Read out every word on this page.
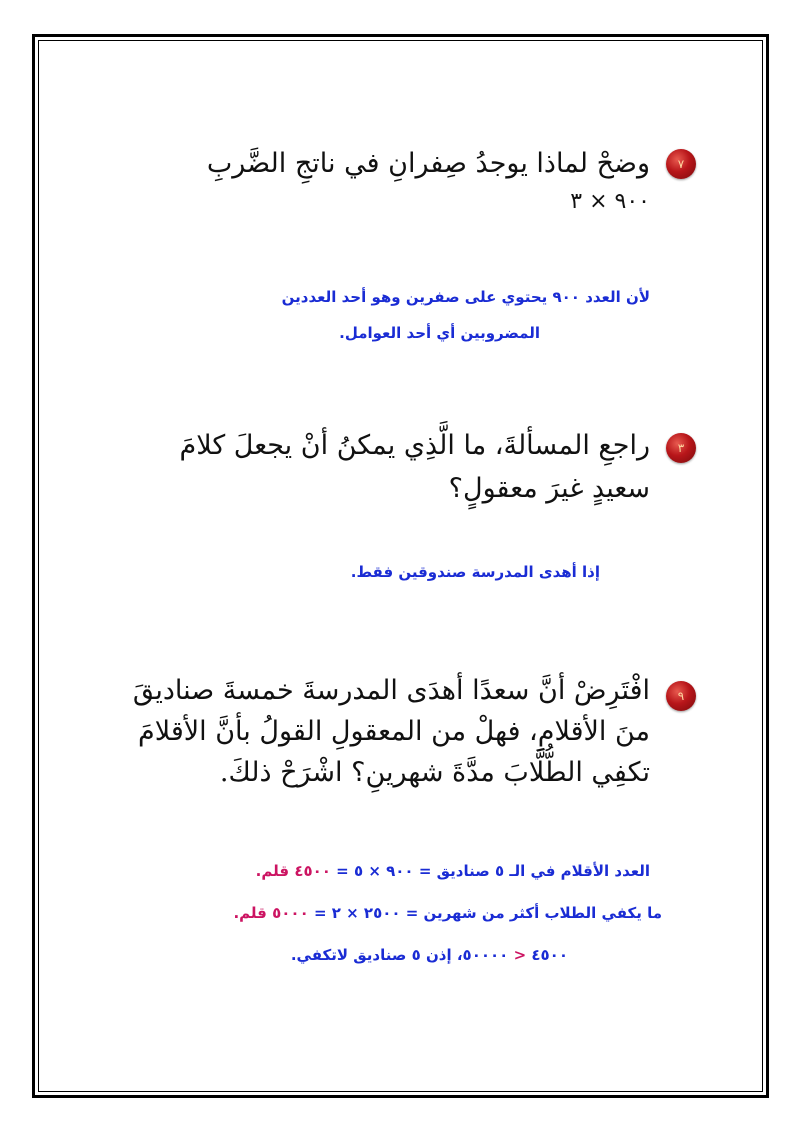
٧
وضحْ لماذا يوجدُ صِفرانِ في ناتجِ الضَّربِ
٩٠٠ × ٣
لأن العدد ٩٠٠ يحتوي على صفرين وهو أحد العددين
المضروبين أي أحد العوامل.
٣
راجعِ المسألةَ، ما الَّذِي يمكنُ أنْ يجعلَ كلامَ
سعيدٍ غيرَ معقولٍ؟
إذا أهدى المدرسة صندوقين فقط.
٩
افْتَرِضْ أنَّ سعدًا أهدَى المدرسةَ خمسةَ صناديقَ
منَ الأقلامِ، فهلْ من المعقولِ القولُ بأنَّ الأقلامَ
تكفِي الطُّلَّابَ مدَّةَ شهرينِ؟ اشْرَحْ ذلكَ.
العدد الأقلام في الـ ٥ صناديق = ٩٠٠ × ٥ = ٤٥٠٠ قلم.
ما يكفي الطلاب أكثر من شهرين = ٢٥٠٠ × ٢ = ٥٠٠٠ قلم.
٤٥٠٠ < ٥٠٠٠٠، إذن ٥ صناديق لاتكفي.
